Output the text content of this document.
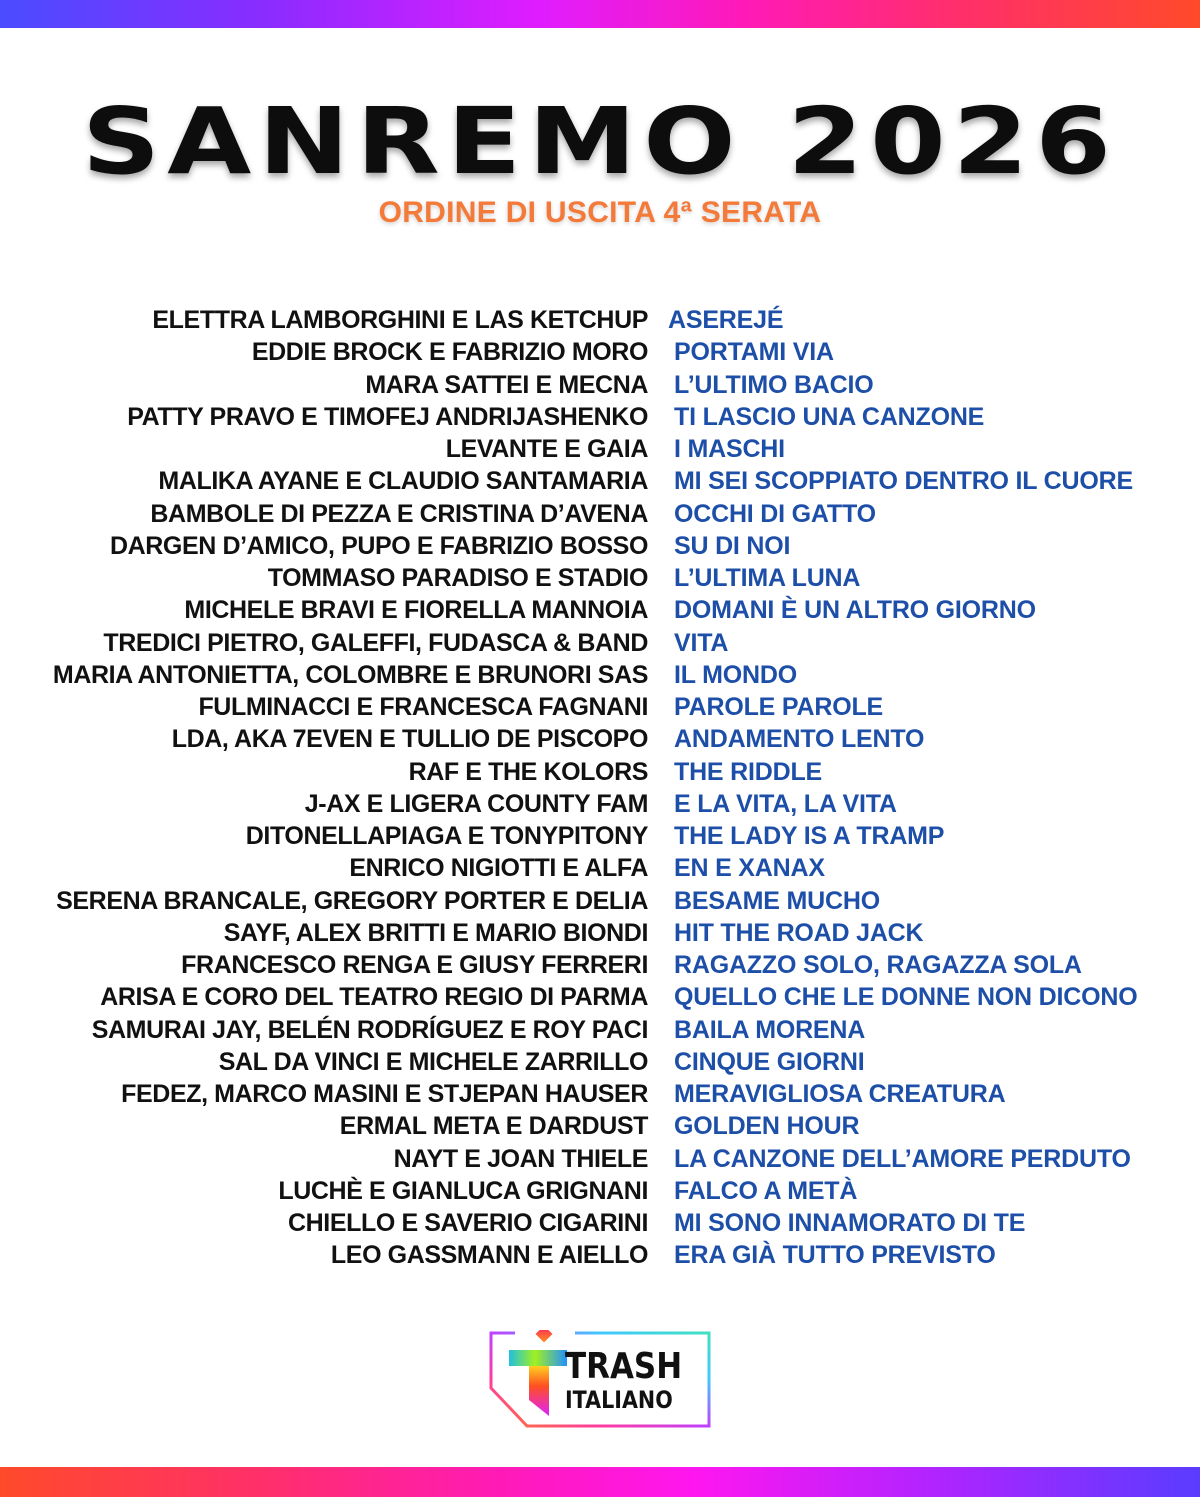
SANREMO 2026
ORDINE DI USCITA 4ª SERATA
ELETTRA LAMBORGHINI E LAS KETCHUP ASEREJÉ
EDDIE BROCK E FABRIZIO MORO PORTAMI VIA
MARA SATTEI E MECNA L’ULTIMO BACIO
PATTY PRAVO E TIMOFEJ ANDRIJASHENKO TI LASCIO UNA CANZONE
LEVANTE E GAIA I MASCHI
MALIKA AYANE E CLAUDIO SANTAMARIA MI SEI SCOPPIATO DENTRO IL CUORE
BAMBOLE DI PEZZA E CRISTINA D’AVENA OCCHI DI GATTO
DARGEN D’AMICO, PUPO E FABRIZIO BOSSO SU DI NOI
TOMMASO PARADISO E STADIO L’ULTIMA LUNA
MICHELE BRAVI E FIORELLA MANNOIA DOMANI È UN ALTRO GIORNO
TREDICI PIETRO, GALEFFI, FUDASCA & BAND VITA
MARIA ANTONIETTA, COLOMBRE E BRUNORI SAS IL MONDO
FULMINACCI E FRANCESCA FAGNANI PAROLE PAROLE
LDA, AKA 7EVEN E TULLIO DE PISCOPO ANDAMENTO LENTO
RAF E THE KOLORS THE RIDDLE
J-AX E LIGERA COUNTY FAM E LA VITA, LA VITA
DITONELLAPIAGA E TONYPITONY THE LADY IS A TRAMP
ENRICO NIGIOTTI E ALFA EN E XANAX
SERENA BRANCALE, GREGORY PORTER E DELIA BESAME MUCHO
SAYF, ALEX BRITTI E MARIO BIONDI HIT THE ROAD JACK
FRANCESCO RENGA E GIUSY FERRERI RAGAZZO SOLO, RAGAZZA SOLA
ARISA E CORO DEL TEATRO REGIO DI PARMA QUELLO CHE LE DONNE NON DICONO
SAMURAI JAY, BELÉN RODRÍGUEZ E ROY PACI BAILA MORENA
SAL DA VINCI E MICHELE ZARRILLO CINQUE GIORNI
FEDEZ, MARCO MASINI E STJEPAN HAUSER MERAVIGLIOSA CREATURA
ERMAL META E DARDUST GOLDEN HOUR
NAYT E JOAN THIELE LA CANZONE DELL’AMORE PERDUTO
LUCHÈ E GIANLUCA GRIGNANI FALCO A METÀ
CHIELLO E SAVERIO CIGARINI MI SONO INNAMORATO DI TE
LEO GASSMANN E AIELLO ERA GIÀ TUTTO PREVISTO
TRASH
ITALIANO
